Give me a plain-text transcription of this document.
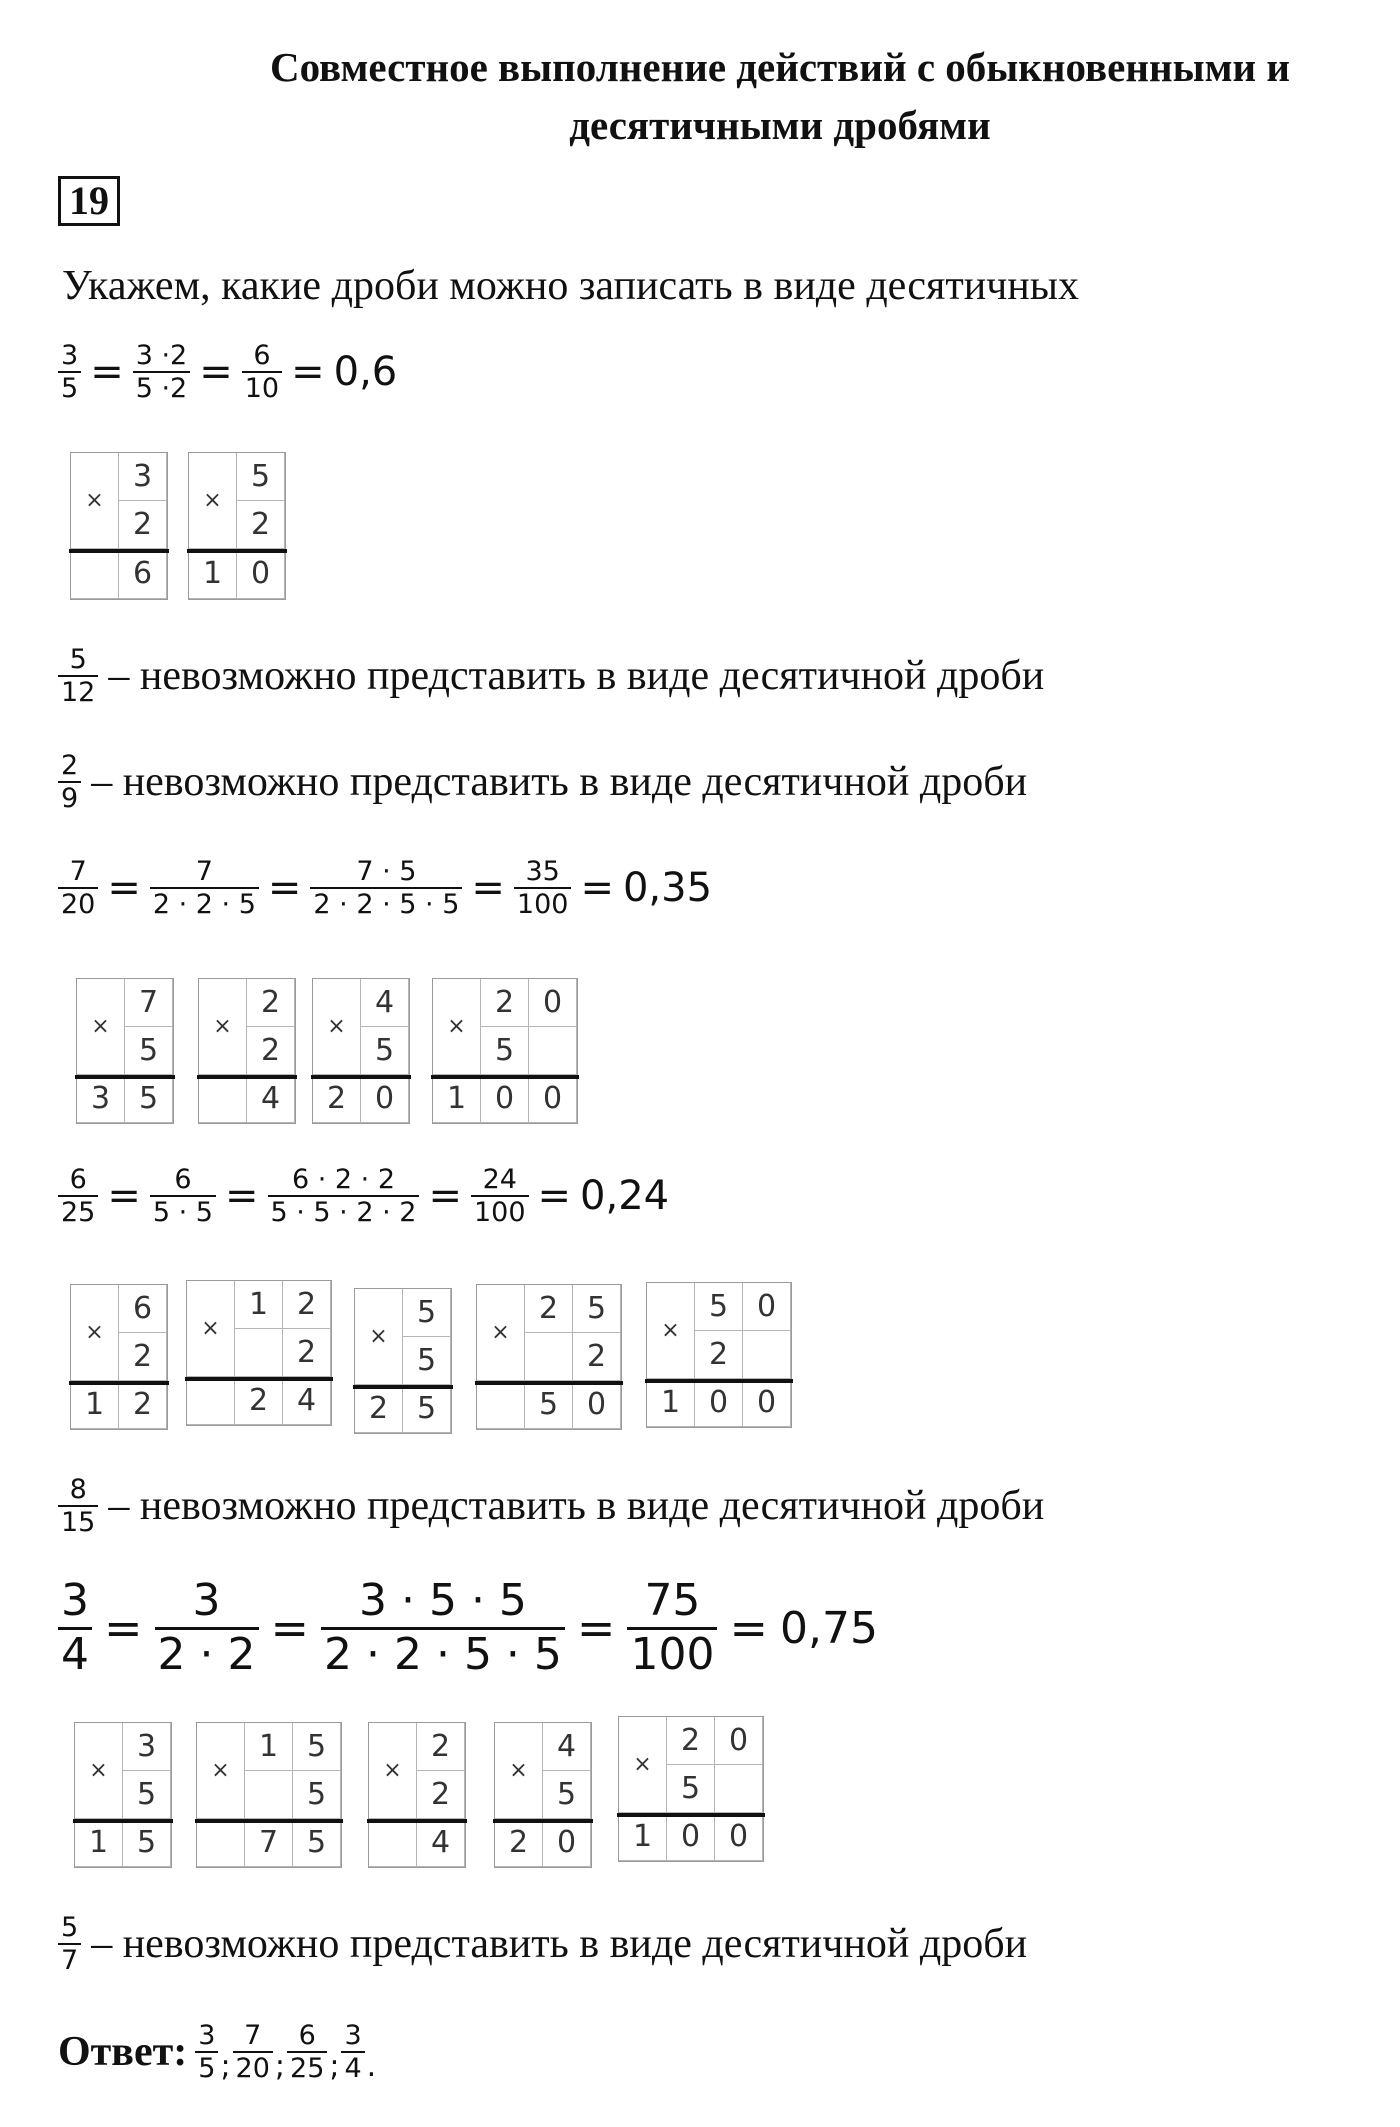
Совместное выполнение действий с обыкновенными и
десятичными дробями
19
Укажем, какие дроби можно записать в виде десятичных
$\frac{3}{5} = \frac{3 \cdot 2}{5 \cdot 2} = \frac{6}{10} = 0,6$
×
3
2
6
×
5
2
1 0
$\frac{5}{12}$ – невозможно представить в виде десятичной дроби
$\frac{2}{9}$ – невозможно представить в виде десятичной дроби
$\frac{7}{20} = \frac{7}{2 \cdot 2 \cdot 5} = \frac{7 \cdot 5}{2 \cdot 2 \cdot 5 \cdot 5} = \frac{35}{100} = 0,35$
×
7
5
3 5
×
2
2
4
×
4
5
2 0
×
2 0
5
1 0 0
$\frac{6}{25} = \frac{6}{5 \cdot 5} = \frac{6 \cdot 2 \cdot 2}{5 \cdot 5 \cdot 2 \cdot 2} = \frac{24}{100} = 0,24$
×
6
2
1 2
×
1 2
2
2 4
×
5
5
2 5
×
2 5
2
5 0
×
5 0
2
1 0 0
$\frac{8}{15}$ – невозможно представить в виде десятичной дроби
$\frac{3}{4} = \frac{3}{2 \cdot 2} = \frac{3 \cdot 5 \cdot 5}{2 \cdot 2 \cdot 5 \cdot 5} = \frac{75}{100} = 0,75$
×
3
5
1 5
×
1 5
5
7 5
×
2
2
4
×
4
5
2 0
×
2 0
5
1 0 0
$\frac{5}{7}$ – невозможно представить в виде десятичной дроби
Ответ: $\frac{3}{5}$ ; $\frac{7}{20}$ ; $\frac{6}{25}$ ; $\frac{3}{4}$ .
